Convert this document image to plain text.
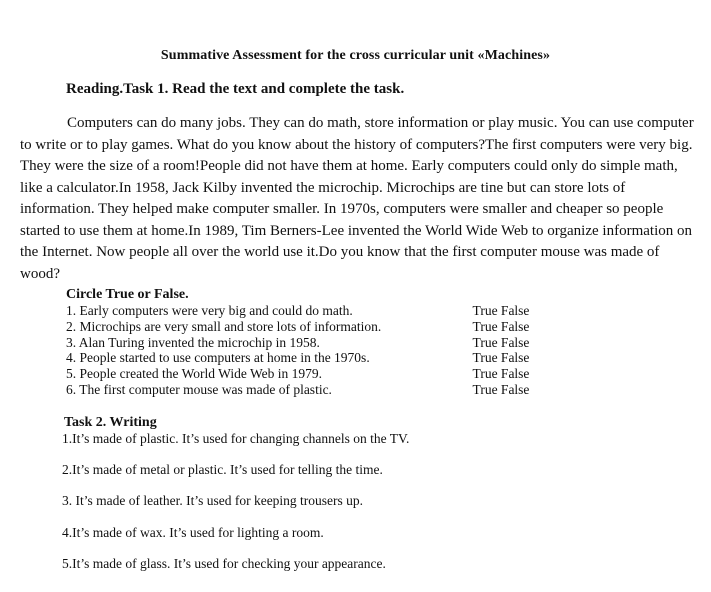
Summative Assessment for the cross curricular unit «Machines»
Reading.Task 1. Read the text and complete the task.
Computers can do many jobs. They can do math, store information or play music. You can use computer to write or to play games. What do you know about the history of computers?The first computers were very big. They were the size of a room!People did not have them at home. Early computers could only do simple math, like a calculator.In 1958, Jack Kilby invented the microchip. Microchips are tine but can store lots of information. They helped make computer smaller. In 1970s, computers were smaller and cheaper so people started to use them at home.In 1989, Tim Berners-Lee invented the World Wide Web to organize information on the Internet. Now people all over the world use it.Do you know that the first computer mouse was made of wood?
Circle True or False.
1. Early computers were very big and could do math.	True False
2. Microchips are very small and store lots of information.	True False
3. Alan Turing invented the microchip in 1958.	True False
4. People started to use computers at home in the 1970s.	True False
5. People created the World Wide Web in 1979.	True False
6. The first computer mouse was made of plastic.	True False
Task 2. Writing
1.It’s made of plastic. It’s used for changing channels on the TV.
2.It’s made of metal or plastic. It’s used for telling the time.
3. It’s made of leather. It’s used for keeping trousers up.
4.It’s made of wax. It’s used for lighting a room.
5.It’s made of glass. It’s used for checking your appearance.
